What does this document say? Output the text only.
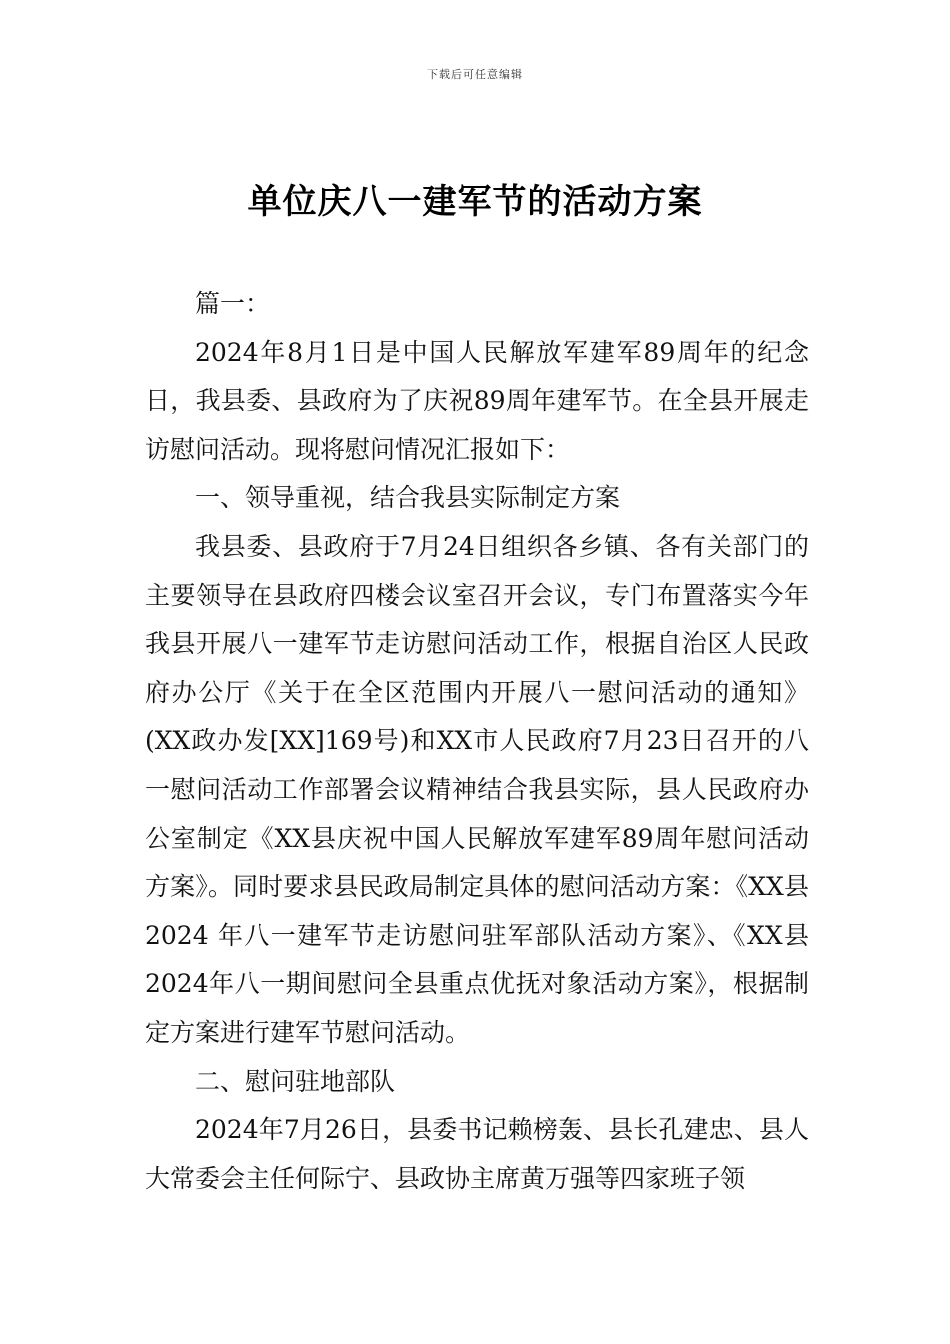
下载后可任意编辑
单位庆八一建军节的活动方案

篇一：

2024年8月1日是中国人民解放军建军89周年的纪念日，我县委、县政府为了庆祝89周年建军节。在全县开展走访慰问活动。现将慰问情况汇报如下：

一、领导重视，结合我县实际制定方案

我县委、县政府于7月24日组织各乡镇、各有关部门的主要领导在县政府四楼会议室召开会议，专门布置落实今年我县开展八一建军节走访慰问活动工作，根据自治区人民政府办公厅《关于在全区范围内开展八一慰问活动的通知》(XX政办发[XX]169号)和XX市人民政府7月23日召开的八 一慰问活动工作部署会议精神结合我县实际，县人民政府办公室制定《XX县庆祝中国人民解放军建军89周年慰问活动方案》。同时要求县民政局制定具体的慰问活动方案：《XX县2024 年八一建军节走访慰问驻军部队活动方案》、《XX县2024年八一期间慰问全县重点优抚对象活动方案》，根据制定方案进行建军节慰问活动。

二、慰问驻地部队

2024年7月26日，县委书记赖榜轰、县长孔建忠、县人大常委会主任何际宁、县政协主席黄万强等四家班子领
